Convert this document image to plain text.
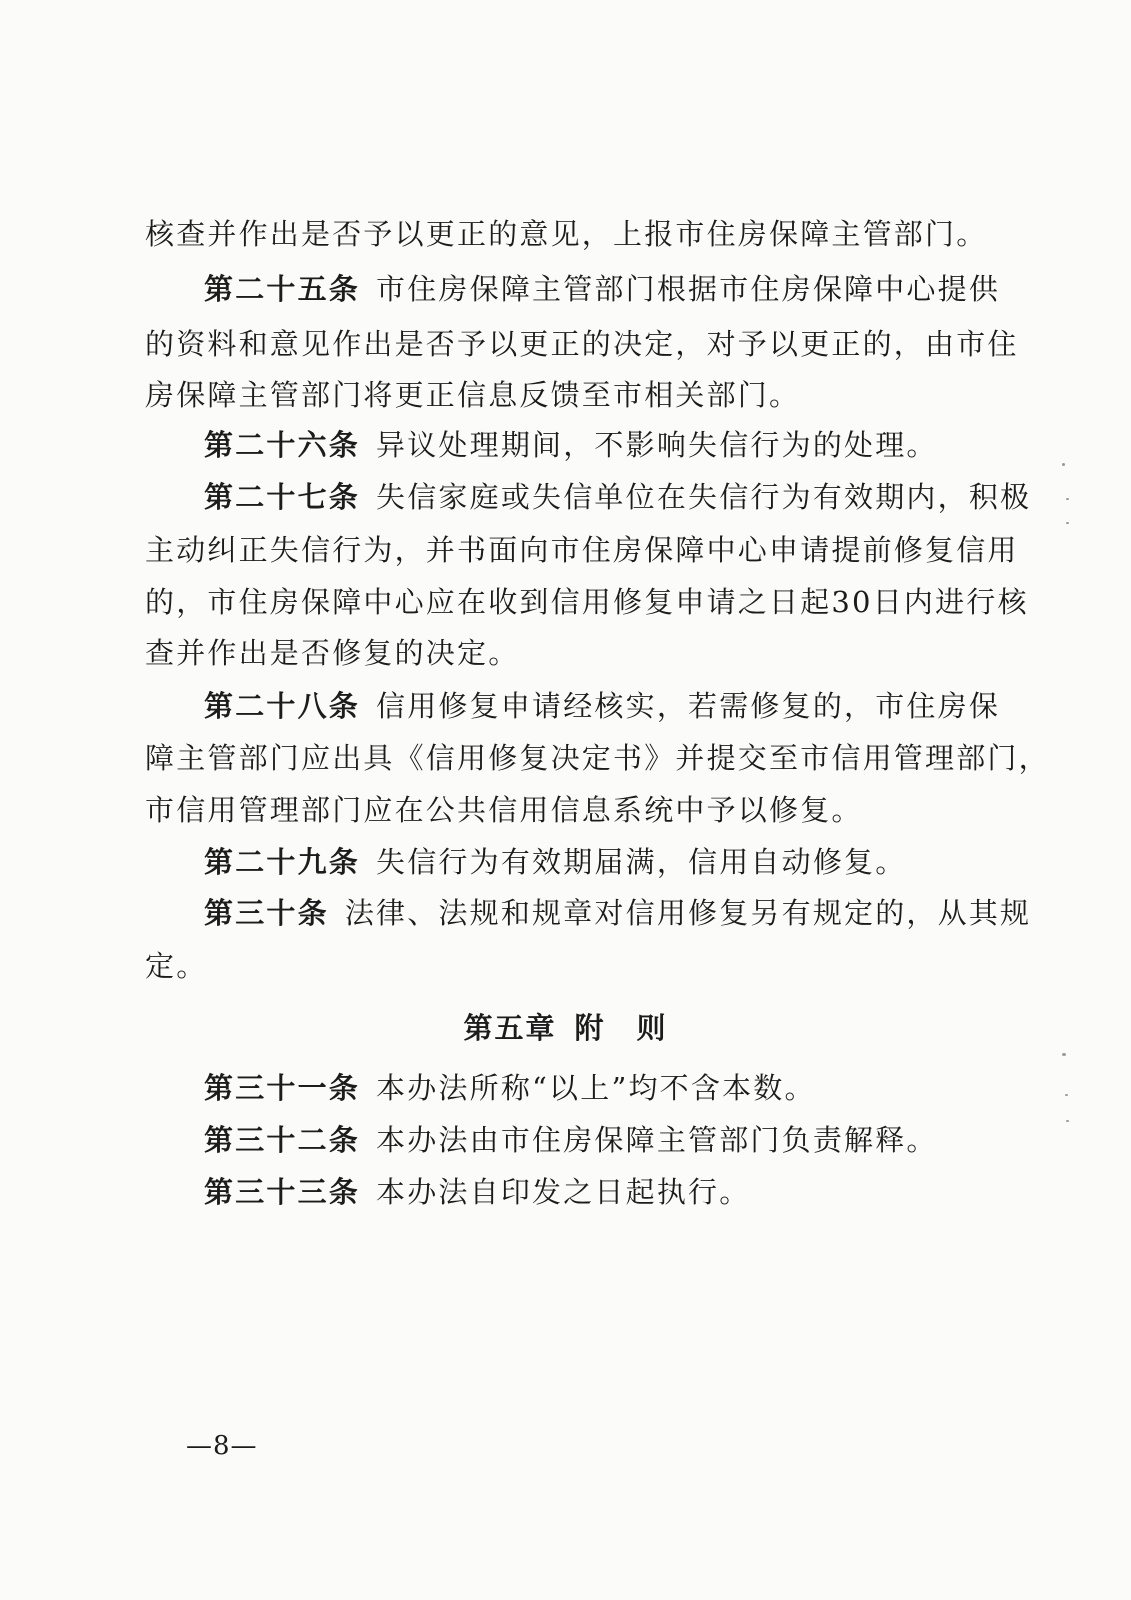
核查并作出是否予以更正的意见，上报市住房保障主管部门。
第二十五条 市住房保障主管部门根据市住房保障中心提供
的资料和意见作出是否予以更正的决定，对予以更正的，由市住
房保障主管部门将更正信息反馈至市相关部门。
第二十六条 异议处理期间，不影响失信行为的处理。
第二十七条 失信家庭或失信单位在失信行为有效期内，积极
主动纠正失信行为，并书面向市住房保障中心申请提前修复信用
的，市住房保障中心应在收到信用修复申请之日起30日内进行核
查并作出是否修复的决定。
第二十八条 信用修复申请经核实，若需修复的，市住房保
障主管部门应出具《信用修复决定书》并提交至市信用管理部门，
市信用管理部门应在公共信用信息系统中予以修复。
第二十九条 失信行为有效期届满，信用自动修复。
第三十条 法律、法规和规章对信用修复另有规定的，从其规
定。
第五章 附　则
第三十一条 本办法所称“以上”均不含本数。
第三十二条 本办法由市住房保障主管部门负责解释。
第三十三条 本办法自印发之日起执行。
—8—
